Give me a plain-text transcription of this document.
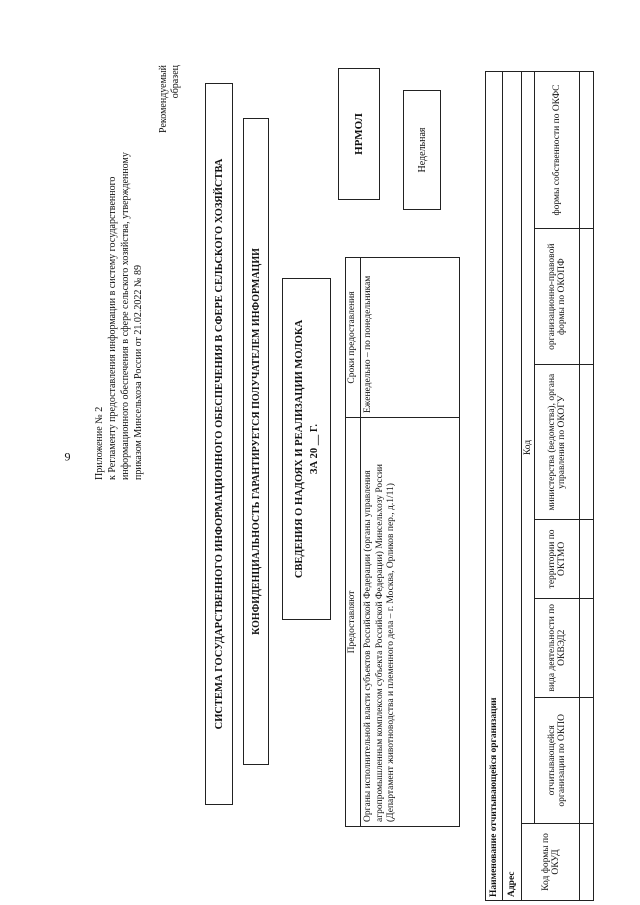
9 Приложение № 2 к Регламенту предоставления информации в систему государственного информационного обеспечения в сфере сельского хозяйства, утвержденному приказом Минсельхоза России от 21.02.2022 № 89
Рекомендуемый образец
СИСТЕМА ГОСУДАРСТВЕННОГО ИНФОРМАЦИОННОГО ОБЕСПЕЧЕНИЯ В СФЕРЕ СЕЛЬСКОГО ХОЗЯЙСТВА	КОНФИДЕНЦИАЛЬНОСТЬ ГАРАНТИРУЕТСЯ ПОЛУЧАТЕЛЕМ ИНФОРМАЦИИ	СВЕДЕНИЯ О НАДОЯХ И РЕАЛИЗАЦИИ МОЛОКА ЗА 20 __ Г.
НРМОЛ	Недельная
Предоставляют	Сроки предоставления
Органы исполнительной власти субъектов Российской Федерации (органы управления агропромышленным комплексом субъекта Российской Федерации) Минсельхозу России (Департамент животноводства и племенного дела – г. Москва, Орликов пер., д.1/11)	Еженедельно – по понедельникам
Наименование отчитывающейся организации						
Адрес						
Код формы по ОКУД	Код					
	отчитывающейся организации по ОКПО	вида деятельности по ОКВЭД2	территории по ОКТМО	министерства (ведомства), органа управления по ОКОГУ	организационно-правовой формы по ОКОПФ	формы собственности по ОКФС
